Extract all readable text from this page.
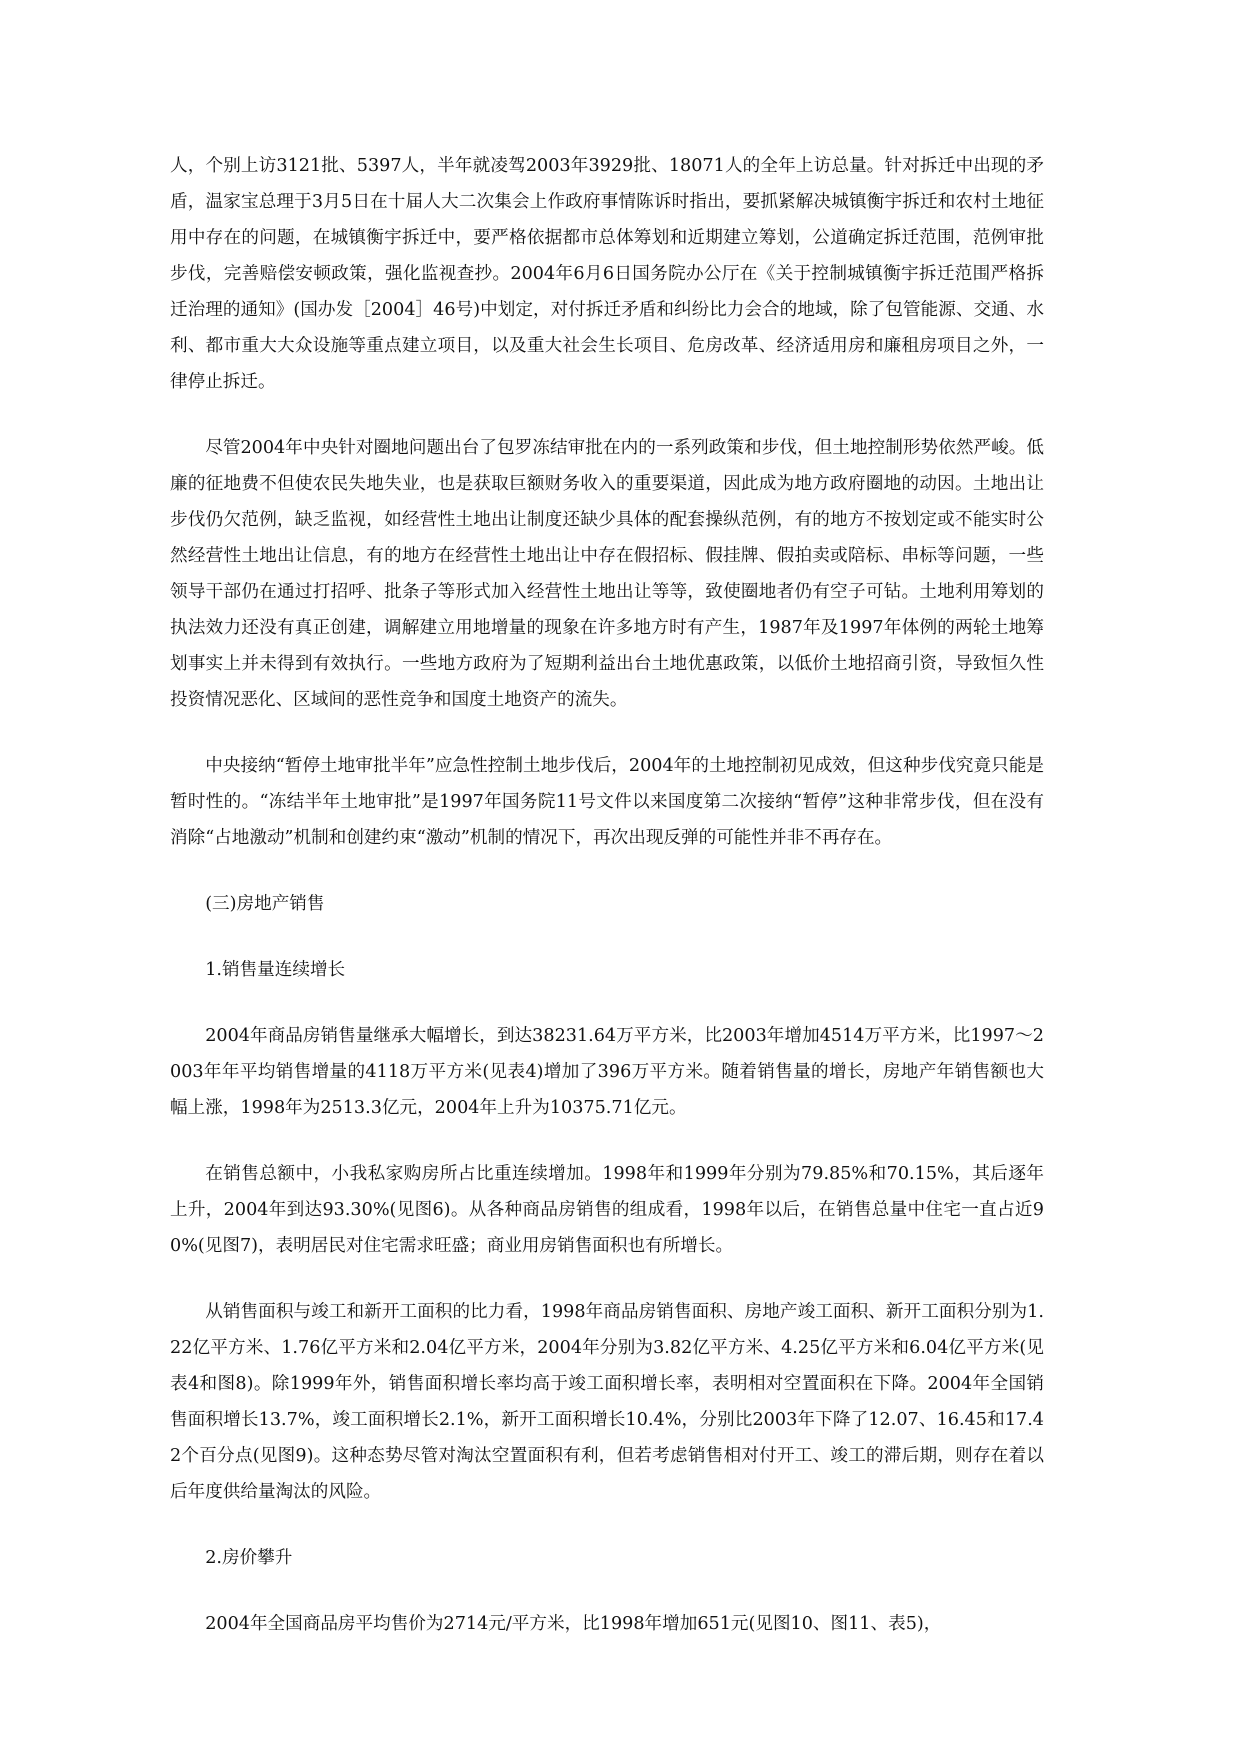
人，个别上访3121批、5397人，半年就凌驾2003年3929批、18071人的全年上访总量。针对拆迁中出现的矛盾，温家宝总理于3月5日在十届人大二次集会上作政府事情陈诉时指出，要抓紧解决城镇衡宇拆迁和农村土地征用中存在的问题，在城镇衡宇拆迁中，要严格依据都市总体筹划和近期建立筹划，公道确定拆迁范围，范例审批步伐，完善赔偿安顿政策，强化监视查抄。2004年6月6日国务院办公厅在《关于控制城镇衡宇拆迁范围严格拆迁治理的通知》(国办发［2004］46号)中划定，对付拆迁矛盾和纠纷比力会合的地域，除了包管能源、交通、水利、都市重大大众设施等重点建立项目，以及重大社会生长项目、危房改革、经济适用房和廉租房项目之外，一律停止拆迁。

尽管2004年中央针对圈地问题出台了包罗冻结审批在内的一系列政策和步伐，但土地控制形势依然严峻。低廉的征地费不但使农民失地失业，也是获取巨额财务收入的重要渠道，因此成为地方政府圈地的动因。土地出让步伐仍欠范例，缺乏监视，如经营性土地出让制度还缺少具体的配套操纵范例，有的地方不按划定或不能实时公然经营性土地出让信息，有的地方在经营性土地出让中存在假招标、假挂牌、假拍卖或陪标、串标等问题，一些领导干部仍在通过打招呼、批条子等形式加入经营性土地出让等等，致使圈地者仍有空子可钻。土地利用筹划的执法效力还没有真正创建，调解建立用地增量的现象在许多地方时有产生，1987年及1997年体例的两轮土地筹划事实上并未得到有效执行。一些地方政府为了短期利益出台土地优惠政策，以低价土地招商引资，导致恒久性投资情况恶化、区域间的恶性竞争和国度土地资产的流失。

中央接纳“暂停土地审批半年”应急性控制土地步伐后，2004年的土地控制初见成效，但这种步伐究竟只能是暂时性的。“冻结半年土地审批”是1997年国务院11号文件以来国度第二次接纳“暂停”这种非常步伐，但在没有消除“占地激动”机制和创建约束“激动”机制的情况下，再次出现反弹的可能性并非不再存在。

(三)房地产销售

1.销售量连续增长

2004年商品房销售量继承大幅增长，到达38231.64万平方米，比2003年增加4514万平方米，比1997～2003年年平均销售增量的4118万平方米(见表4)增加了396万平方米。随着销售量的增长，房地产年销售额也大幅上涨，1998年为2513.3亿元，2004年上升为10375.71亿元。

在销售总额中，小我私家购房所占比重连续增加。1998年和1999年分别为79.85%和70.15%，其后逐年上升，2004年到达93.30%(见图6)。从各种商品房销售的组成看，1998年以后，在销售总量中住宅一直占近90%(见图7)，表明居民对住宅需求旺盛；商业用房销售面积也有所增长。

从销售面积与竣工和新开工面积的比力看，1998年商品房销售面积、房地产竣工面积、新开工面积分别为1.22亿平方米、1.76亿平方米和2.04亿平方米，2004年分别为3.82亿平方米、4.25亿平方米和6.04亿平方米(见表4和图8)。除1999年外，销售面积增长率均高于竣工面积增长率，表明相对空置面积在下降。2004年全国销售面积增长13.7%，竣工面积增长2.1%，新开工面积增长10.4%，分别比2003年下降了12.07、16.45和17.42个百分点(见图9)。这种态势尽管对淘汰空置面积有利，但若考虑销售相对付开工、竣工的滞后期，则存在着以后年度供给量淘汰的风险。

2.房价攀升

2004年全国商品房平均售价为2714元/平方米，比1998年增加651元(见图10、图11、表5)，
